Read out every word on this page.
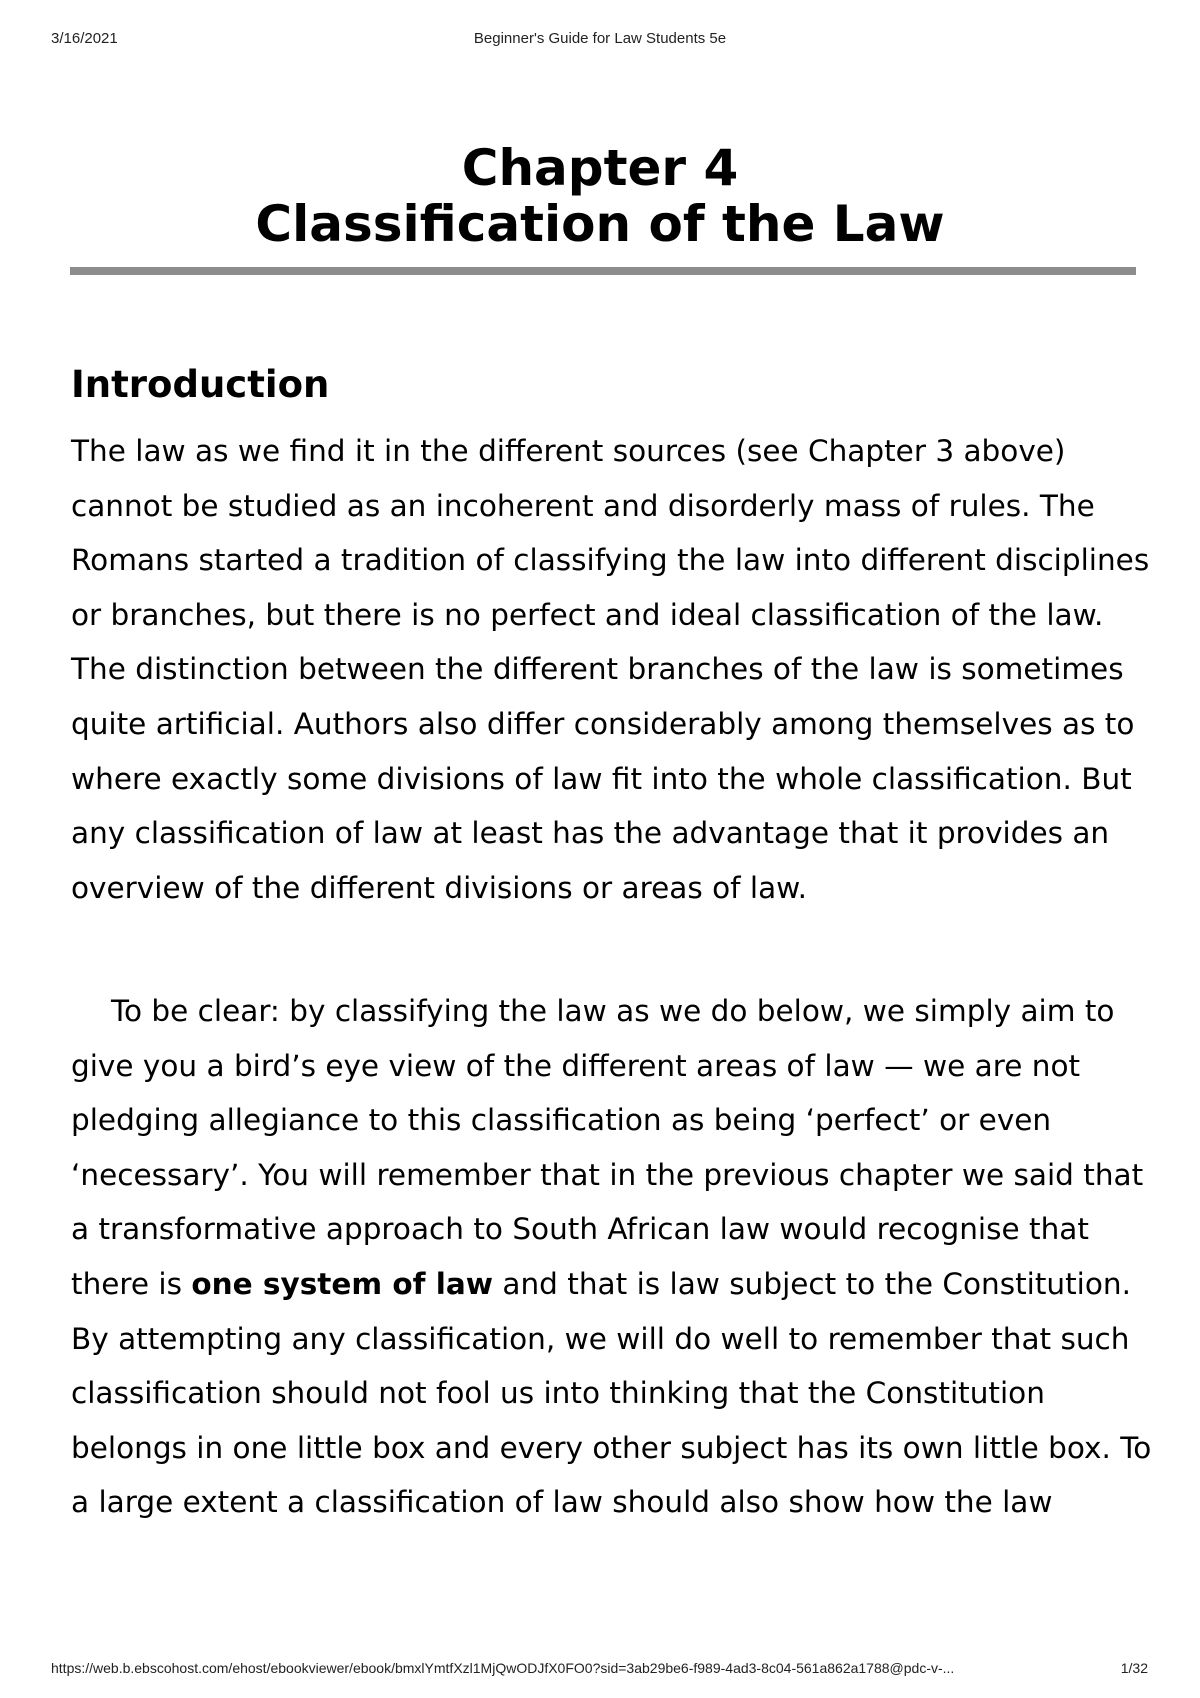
3/16/2021	Beginner's Guide for Law Students 5e
Chapter 4
Classification of the Law
Introduction

The law as we find it in the different sources (see Chapter 3 above) cannot be studied as an incoherent and disorderly mass of rules. The Romans started a tradition of classifying the law into different disciplines or branches, but there is no perfect and ideal classification of the law. The distinction between the different branches of the law is sometimes quite artificial. Authors also differ considerably among themselves as to where exactly some divisions of law fit into the whole classification. But any classification of law at least has the advantage that it provides an overview of the different divisions or areas of law.

To be clear: by classifying the law as we do below, we simply aim to give you a bird’s eye view of the different areas of law — we are not pledging allegiance to this classification as being ‘perfect’ or even ‘necessary’. You will remember that in the previous chapter we said that a transformative approach to South African law would recognise that there is one system of law and that is law subject to the Constitution. By attempting any classification, we will do well to remember that such classification should not fool us into thinking that the Constitution belongs in one little box and every other subject has its own little box. To a large extent a classification of law should also show how the law

https://web.b.ebscohost.com/ehost/ebookviewer/ebook/bmxlYmtfXzl1MjQwODJfX0FO0?sid=3ab29be6-f989-4ad3-8c04-561a862a1788@pdc-v-...	1/32
